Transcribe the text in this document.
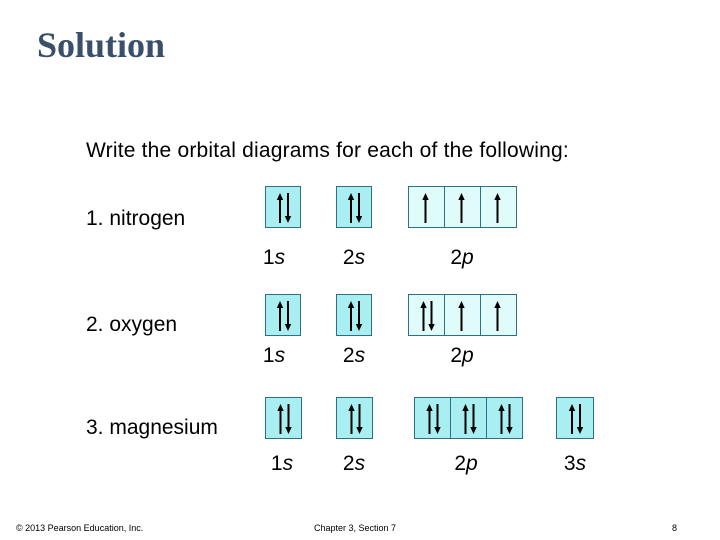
Solution
Write the orbital diagrams for each of the following:
1. nitrogen
1s	2s	2p
2. oxygen
1s	2s	2p
3. magnesium
1s	2s	2p	3s
© 2013 Pearson Education, Inc.	Chapter 3, Section 7	8
